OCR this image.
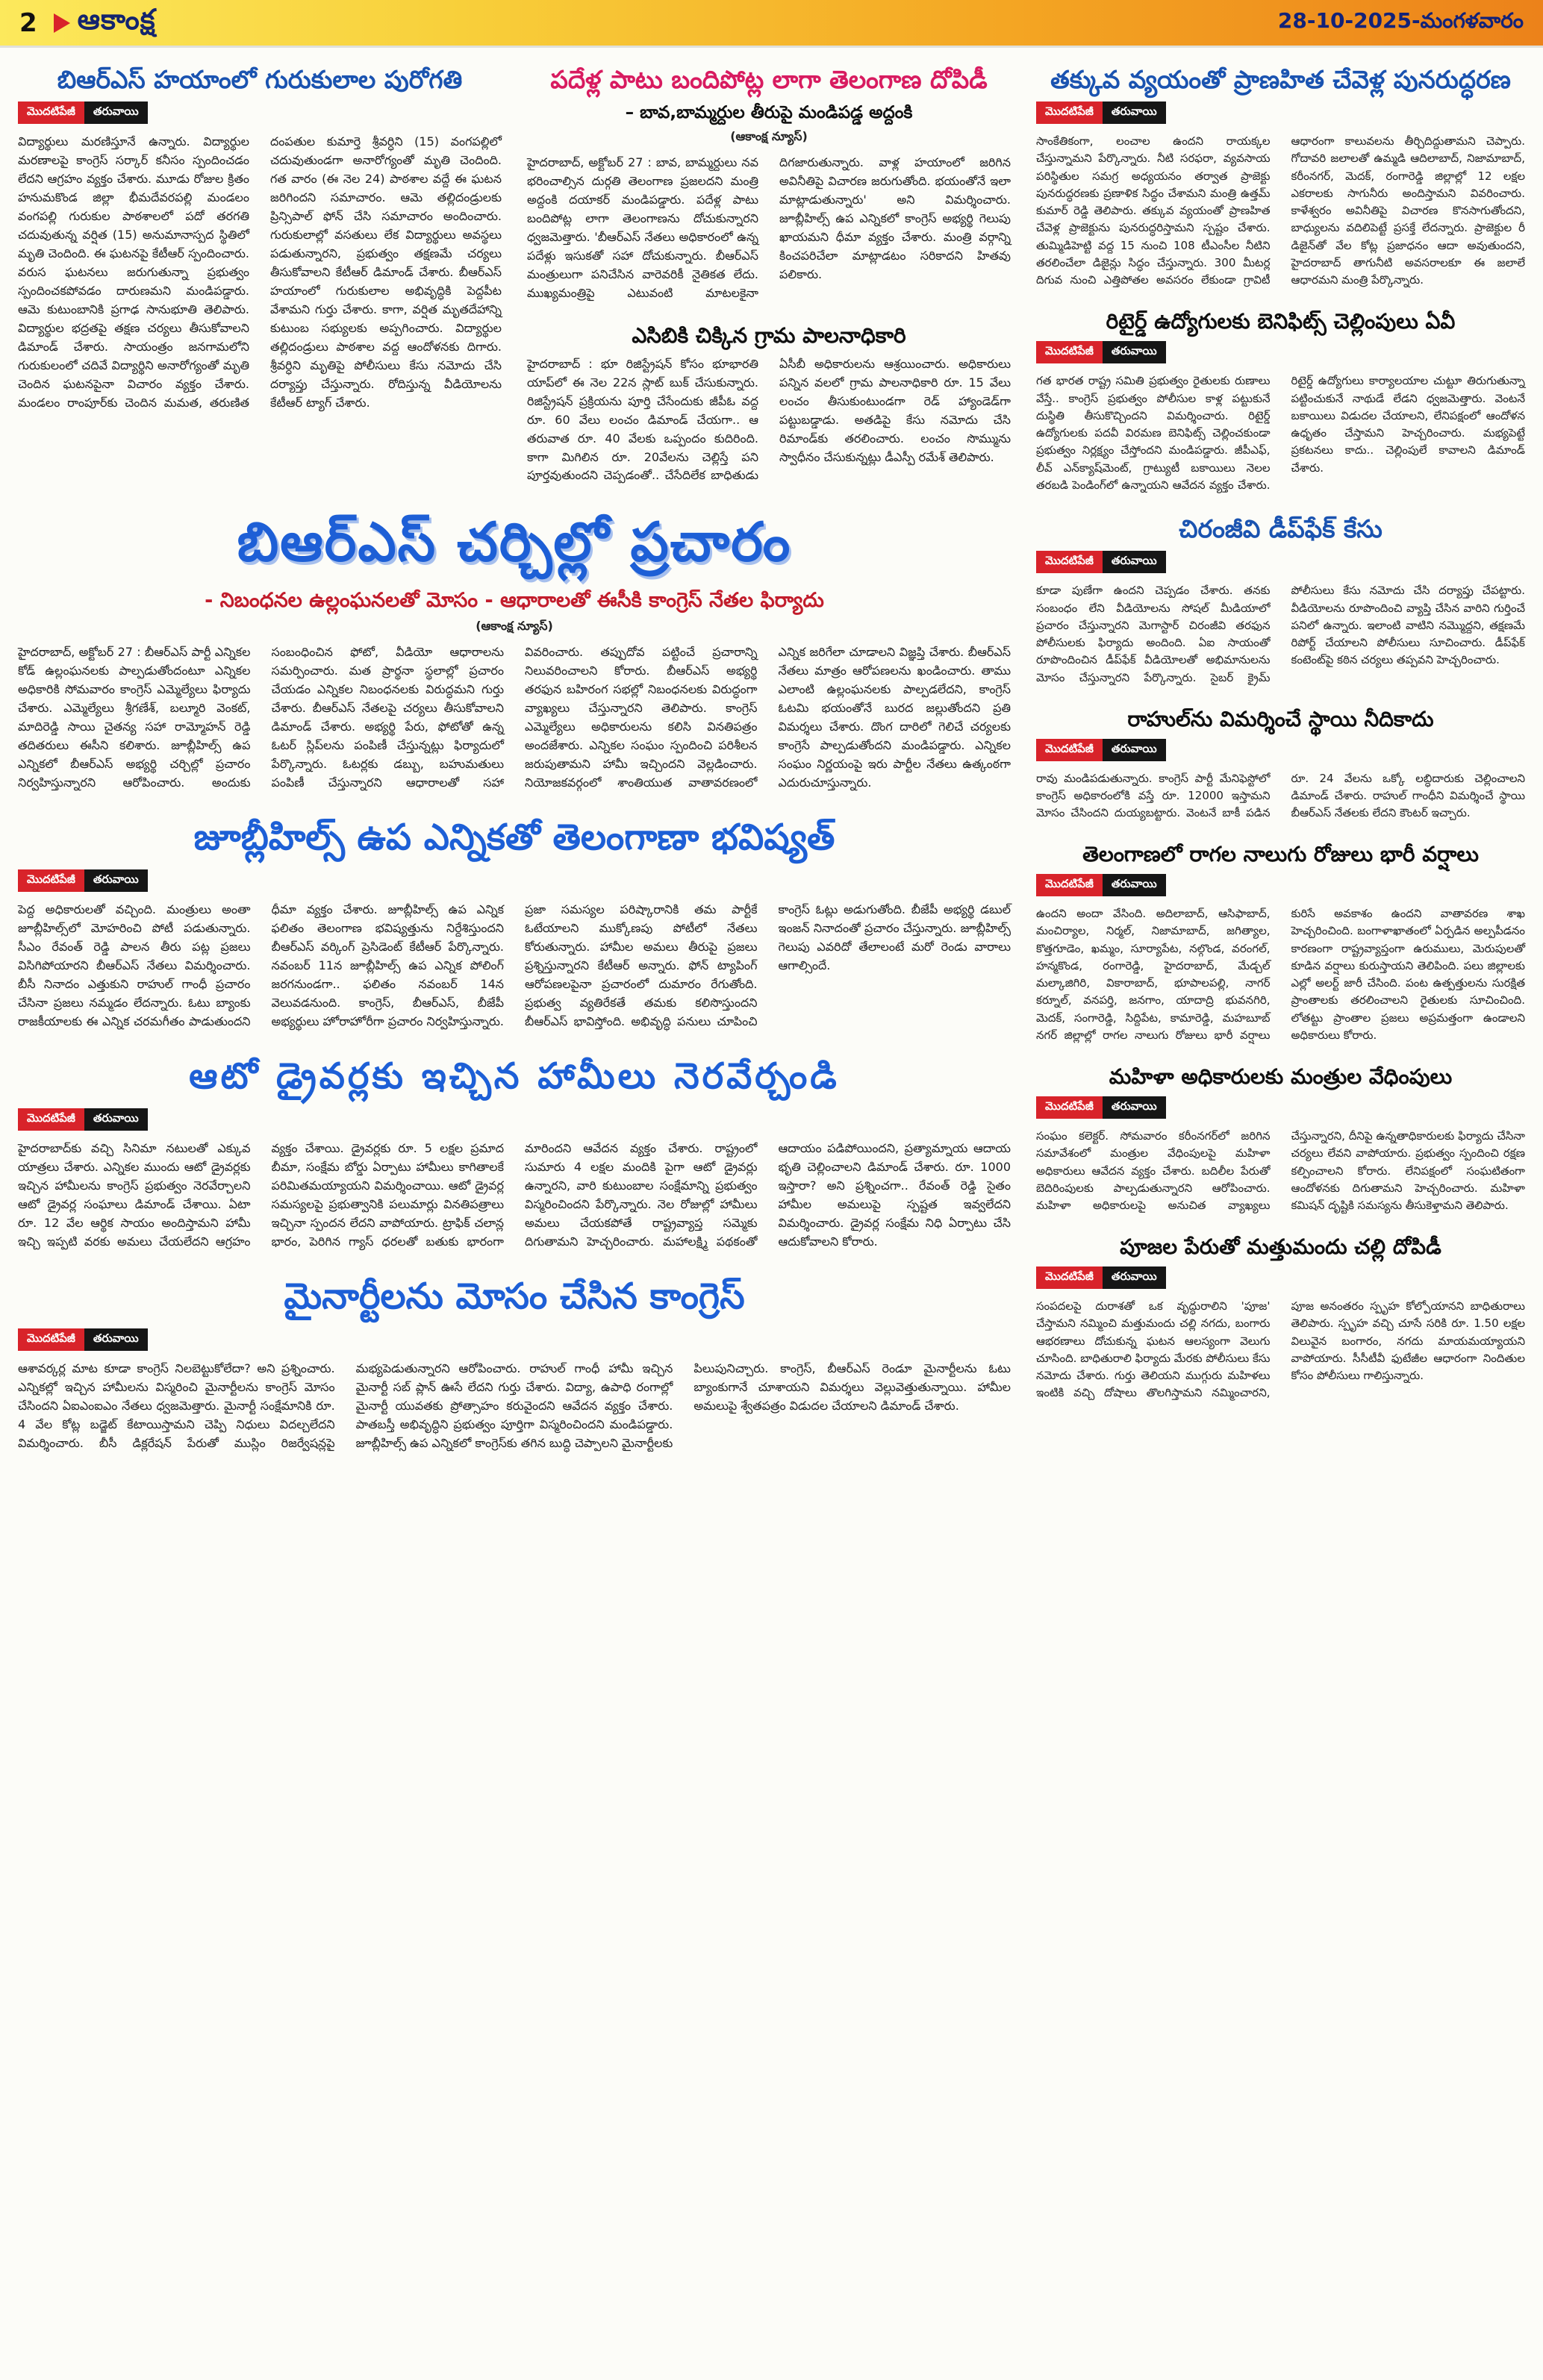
2 ఆకాంక్ష	28-10-2025-మంగళవారం
బిఆర్ఎస్ హయాంలో గురుకులాల పురోగతి
మొదటిపేజీ	తరువాయి
విద్యార్థులు మరణిస్తూనే ఉన్నారు. విద్యార్థుల మరణాలపై కాంగ్రెస్ సర్కార్ కనీసం స్పందించడం లేదని ఆగ్రహం వ్యక్తం చేశారు. మూడు రోజుల క్రితం హనుమకొండ జిల్లా భీమదేవరపల్లి మండలం వంగపల్లి గురుకుల పాఠశాలలో పదో తరగతి చదువుతున్న వర్షిత (15) అనుమానాస్పద స్థితిలో మృతి చెందింది. ఈ ఘటనపై కేటీఆర్ స్పందించారు. వరుస ఘటనలు జరుగుతున్నా ప్రభుత్వం స్పందించకపోవడం దారుణమని మండిపడ్డారు. ఆమె కుటుంబానికి ప్రగాఢ సానుభూతి తెలిపారు. విద్యార్థుల భద్రతపై తక్షణ చర్యలు తీసుకోవాలని డిమాండ్ చేశారు. సాయంత్రం జనగామలోని గురుకులంలో చదివే విద్యార్థిని అనారోగ్యంతో మృతి చెందిన ఘటనపైనా విచారం వ్యక్తం చేశారు. మండలం రాంపూర్‌కు చెందిన మమత, తరుణిత దంపతుల కుమార్తె శ్రీవర్ధిని (15) వంగపల్లిలో చదువుతుండగా అనారోగ్యంతో మృతి చెందింది. గత వారం (ఈ నెల 24) పాఠశాల వద్దే ఈ ఘటన జరిగిందని సమాచారం. ఆమె తల్లిదండ్రులకు ప్రిన్సిపాల్ ఫోన్ చేసి సమాచారం అందించారు. గురుకులాల్లో వసతులు లేక విద్యార్థులు అవస్థలు పడుతున్నారని, ప్రభుత్వం తక్షణమే చర్యలు తీసుకోవాలని కేటీఆర్ డిమాండ్ చేశారు. బీఆర్ఎస్ హయాంలో గురుకులాల అభివృద్ధికి పెద్దపీట వేశామని గుర్తు చేశారు. కాగా, వర్షిత మృతదేహాన్ని కుటుంబ సభ్యులకు అప్పగించారు. విద్యార్థుల తల్లిదండ్రులు పాఠశాల వద్ద ఆందోళనకు దిగారు. శ్రీవర్ధిని మృతిపై పోలీసులు కేసు నమోదు చేసి దర్యాప్తు చేస్తున్నారు. రోదిస్తున్న వీడియోలను కేటీఆర్ ట్యాగ్ చేశారు.
పదేళ్ల పాటు బందిపోట్ల లాగా తెలంగాణ దోపిడీ
– బావ,బామ్మర్దుల తీరుపై మండిపడ్డ అద్దంకి
(ఆకాంక్ష న్యూస్)
హైదరాబాద్, అక్టోబర్ 27 : బావ, బామ్మర్దులు నవ భరించాల్సిన దుర్గతి తెలంగాణ ప్రజలదని మంత్రి అద్దంకి దయాకర్ మండిపడ్డారు. పదేళ్ల పాటు బందిపోట్ల లాగా తెలంగాణను దోచుకున్నారని ధ్వజమెత్తారు. 'బీఆర్ఎస్ నేతలు అధికారంలో ఉన్న పదేళ్లు ఇసుకతో సహా దోచుకున్నారు. బీఆర్ఎస్ మంత్రులుగా పనిచేసిన వారెవరికీ నైతికత లేదు. ముఖ్యమంత్రిపై ఎటువంటి మాటలకైనా దిగజారుతున్నారు. వాళ్ల హయాంలో జరిగిన అవినీతిపై విచారణ జరుగుతోంది. భయంతోనే ఇలా మాట్లాడుతున్నారు' అని విమర్శించారు. జూబ్లీహిల్స్ ఉప ఎన్నికలో కాంగ్రెస్ అభ్యర్థి గెలుపు ఖాయమని ధీమా వ్యక్తం చేశారు. మంత్రి వర్గాన్ని కించపరిచేలా మాట్లాడటం సరికాదని హితవు పలికారు.
ఎసిబికి చిక్కిన గ్రామ పాలనాధికారి
హైదరాబాద్ : భూ రిజిస్ట్రేషన్ కోసం భూభారతి యాప్‌లో ఈ నెల 22న స్లాట్ బుక్ చేసుకున్నారు. రిజిస్ట్రేషన్ ప్రక్రియను పూర్తి చేసేందుకు జీపీఓ వద్ద రూ. 60 వేలు లంచం డిమాండ్ చేయగా.. ఆ తరువాత రూ. 40 వేలకు ఒప్పందం కుదిరింది. కాగా మిగిలిన రూ. 20వేలను చెల్లిస్తే పని పూర్తవుతుందని చెప్పడంతో.. చేసేదిలేక బాధితుడు ఏసీబీ అధికారులను ఆశ్రయించారు. అధికారులు పన్నిన వలలో గ్రామ పాలనాధికారి రూ. 15 వేలు లంచం తీసుకుంటుండగా రెడ్ హ్యాండెడ్‌గా పట్టుబడ్డాడు. అతడిపై కేసు నమోదు చేసి రిమాండ్‌కు తరలించారు. లంచం సొమ్మును స్వాధీనం చేసుకున్నట్లు డీఎస్పీ రమేశ్ తెలిపారు.
బిఆర్ఎస్ చర్చిల్లో ప్రచారం
- నిబంధనల ఉల్లంఘనలతో మోసం - ఆధారాలతో ఈసీకి కాంగ్రెస్ నేతల ఫిర్యాదు
(ఆకాంక్ష న్యూస్)
హైదరాబాద్, అక్టోబర్ 27 : బీఆర్ఎస్ పార్టీ ఎన్నికల కోడ్ ఉల్లంఘనలకు పాల్పడుతోందంటూ ఎన్నికల అధికారికి సోమవారం కాంగ్రెస్ ఎమ్మెల్యేలు ఫిర్యాదు చేశారు. ఎమ్మెల్యేలు శ్రీగణేశ్, బల్మూరి వెంకట్, మాదిరెడ్డి సాయి చైతన్య సహా రామ్మోహన్ రెడ్డి తదితరులు ఈసీని కలిశారు. జూబ్లీహిల్స్ ఉప ఎన్నికలో బీఆర్ఎస్ అభ్యర్థి చర్చిల్లో ప్రచారం నిర్వహిస్తున్నారని ఆరోపించారు. అందుకు సంబంధించిన ఫోటో, వీడియో ఆధారాలను సమర్పించారు. మత ప్రార్థనా స్థలాల్లో ప్రచారం చేయడం ఎన్నికల నిబంధనలకు విరుద్ధమని గుర్తు చేశారు. బీఆర్ఎస్ నేతలపై చర్యలు తీసుకోవాలని డిమాండ్ చేశారు. అభ్యర్థి పేరు, ఫోటోతో ఉన్న ఓటర్ స్లిప్‌లను పంపిణీ చేస్తున్నట్లు ఫిర్యాదులో పేర్కొన్నారు. ఓటర్లకు డబ్బు, బహుమతులు పంపిణీ చేస్తున్నారని ఆధారాలతో సహా వివరించారు. తప్పుదోవ పట్టించే ప్రచారాన్ని నిలువరించాలని కోరారు. బీఆర్ఎస్ అభ్యర్థి తరఫున బహిరంగ సభల్లో నిబంధనలకు విరుద్ధంగా వ్యాఖ్యలు చేస్తున్నారని తెలిపారు. కాంగ్రెస్ ఎమ్మెల్యేలు అధికారులను కలిసి వినతిపత్రం అందజేశారు. ఎన్నికల సంఘం స్పందించి పరిశీలన జరుపుతామని హామీ ఇచ్చిందని వెల్లడించారు. నియోజకవర్గంలో శాంతియుత వాతావరణంలో ఎన్నిక జరిగేలా చూడాలని విజ్ఞప్తి చేశారు. బీఆర్ఎస్ నేతలు మాత్రం ఆరోపణలను ఖండించారు. తాము ఎలాంటి ఉల్లంఘనలకు పాల్పడలేదని, కాంగ్రెస్ ఓటమి భయంతోనే బురద జల్లుతోందని ప్రతి విమర్శలు చేశారు. దొంగ దారిలో గెలిచే చర్యలకు కాంగ్రెసే పాల్పడుతోందని మండిపడ్డారు. ఎన్నికల సంఘం నిర్ణయంపై ఇరు పార్టీల నేతలు ఉత్కంఠగా ఎదురుచూస్తున్నారు.
జూబ్లీహిల్స్ ఉప ఎన్నికతో తెలంగాణా భవిష్యత్
మొదటిపేజీ	తరువాయి
పెద్ద అధికారులతో వచ్చింది. మంత్రులు అంతా జూబ్లీహిల్స్‌లో మోహరించి పోటీ పడుతున్నారు. సీఎం రేవంత్ రెడ్డి పాలన తీరు పట్ల ప్రజలు విసిగిపోయారని బీఆర్ఎస్ నేతలు విమర్శించారు. బీసీ నినాదం ఎత్తుకుని రాహుల్ గాంధీ ప్రచారం చేసినా ప్రజలు నమ్మడం లేదన్నారు. ఓటు బ్యాంకు రాజకీయాలకు ఈ ఎన్నిక చరమగీతం పాడుతుందని ధీమా వ్యక్తం చేశారు. జూబ్లీహిల్స్ ఉప ఎన్నిక ఫలితం తెలంగాణ భవిష్యత్తును నిర్దేశిస్తుందని బీఆర్ఎస్ వర్కింగ్ ప్రెసిడెంట్ కేటీఆర్ పేర్కొన్నారు. నవంబర్ 11న జూబ్లీహిల్స్ ఉప ఎన్నిక పోలింగ్ జరగనుండగా.. ఫలితం నవంబర్ 14న వెలువడనుంది. కాంగ్రెస్, బీఆర్ఎస్, బీజేపీ అభ్యర్థులు హోరాహోరీగా ప్రచారం నిర్వహిస్తున్నారు. ప్రజా సమస్యల పరిష్కారానికి తమ పార్టీకే ఓటేయాలని ముక్కోణపు పోటీలో నేతలు కోరుతున్నారు. హామీల అమలు తీరుపై ప్రజలు ప్రశ్నిస్తున్నారని కేటీఆర్ అన్నారు. ఫోన్ ట్యాపింగ్ ఆరోపణలపైనా ప్రచారంలో దుమారం రేగుతోంది. ప్రభుత్వ వ్యతిరేకతే తమకు కలిసొస్తుందని బీఆర్ఎస్ భావిస్తోంది. అభివృద్ధి పనులు చూపించి కాంగ్రెస్ ఓట్లు అడుగుతోంది. బీజేపీ అభ్యర్థి డబుల్ ఇంజన్ నినాదంతో ప్రచారం చేస్తున్నారు. జూబ్లీహిల్స్ గెలుపు ఎవరిదో తేలాలంటే మరో రెండు వారాలు ఆగాల్సిందే.
ఆటో డ్రైవర్లకు ఇచ్చిన హామీలు నెరవేర్చండి
మొదటిపేజీ	తరువాయి
హైదరాబాద్‌కు వచ్చి సినిమా నటులతో ఎక్కువ యాత్రలు చేశారు. ఎన్నికల ముందు ఆటో డ్రైవర్లకు ఇచ్చిన హామీలను కాంగ్రెస్ ప్రభుత్వం నెరవేర్చాలని ఆటో డ్రైవర్ల సంఘాలు డిమాండ్ చేశాయి. ఏటా రూ. 12 వేల ఆర్థిక సాయం అందిస్తామని హామీ ఇచ్చి ఇప్పటి వరకు అమలు చేయలేదని ఆగ్రహం వ్యక్తం చేశాయి. డ్రైవర్లకు రూ. 5 లక్షల ప్రమాద బీమా, సంక్షేమ బోర్డు ఏర్పాటు హామీలు కాగితాలకే పరిమితమయ్యాయని విమర్శించాయి. ఆటో డ్రైవర్ల సమస్యలపై ప్రభుత్వానికి పలుమార్లు వినతిపత్రాలు ఇచ్చినా స్పందన లేదని వాపోయారు. ట్రాఫిక్ చలాన్ల భారం, పెరిగిన గ్యాస్ ధరలతో బతుకు భారంగా మారిందని ఆవేదన వ్యక్తం చేశారు. రాష్ట్రంలో సుమారు 4 లక్షల మందికి పైగా ఆటో డ్రైవర్లు ఉన్నారని, వారి కుటుంబాల సంక్షేమాన్ని ప్రభుత్వం విస్మరించిందని పేర్కొన్నారు. నెల రోజుల్లో హామీలు అమలు చేయకపోతే రాష్ట్రవ్యాప్త సమ్మెకు దిగుతామని హెచ్చరించారు. మహాలక్ష్మి పథకంతో ఆదాయం పడిపోయిందని, ప్రత్యామ్నాయ ఆదాయ భృతి చెల్లించాలని డిమాండ్ చేశారు. రూ. 1000 ఇస్తారా? అని ప్రశ్నించగా.. రేవంత్ రెడ్డి సైతం హామీల అమలుపై స్పష్టత ఇవ్వలేదని విమర్శించారు. డ్రైవర్ల సంక్షేమ నిధి ఏర్పాటు చేసి ఆదుకోవాలని కోరారు.
మైనార్టీలను మోసం చేసిన కాంగ్రెస్
మొదటిపేజీ	తరువాయి
ఆశావర్కర్ల మాట కూడా కాంగ్రెస్ నిలబెట్టుకోలేదా? అని ప్రశ్నించారు. ఎన్నికల్లో ఇచ్చిన హామీలను విస్మరించి మైనార్టీలను కాంగ్రెస్ మోసం చేసిందని ఏఐఎంఐఎం నేతలు ధ్వజమెత్తారు. మైనార్టీ సంక్షేమానికి రూ. 4 వేల కోట్ల బడ్జెట్ కేటాయిస్తామని చెప్పి నిధులు విదల్చలేదని విమర్శించారు. బీసీ డిక్లరేషన్ పేరుతో ముస్లిం రిజర్వేషన్లపై మభ్యపెడుతున్నారని ఆరోపించారు. రాహుల్ గాంధీ హామీ ఇచ్చిన మైనార్టీ సబ్ ప్లాన్ ఊసే లేదని గుర్తు చేశారు. విద్యా, ఉపాధి రంగాల్లో మైనార్టీ యువతకు ప్రోత్సాహం కరువైందని ఆవేదన వ్యక్తం చేశారు. పాతబస్తీ అభివృద్ధిని ప్రభుత్వం పూర్తిగా విస్మరించిందని మండిపడ్డారు. జూబ్లీహిల్స్ ఉప ఎన్నికలో కాంగ్రెస్‌కు తగిన బుద్ధి చెప్పాలని మైనార్టీలకు పిలుపునిచ్చారు. కాంగ్రెస్, బీఆర్ఎస్ రెండూ మైనార్టీలను ఓటు బ్యాంకుగానే చూశాయని విమర్శలు వెల్లువెత్తుతున్నాయి. హామీల అమలుపై శ్వేతపత్రం విడుదల చేయాలని డిమాండ్ చేశారు.
తక్కువ వ్యయంతో ప్రాణహిత చేవెళ్ల పునరుద్ధరణ
మొదటిపేజీ	తరువాయి
సాంకేతికంగా, లంచాల ఉందని రాయక్కల చేస్తున్నామని పేర్కొన్నారు. నీటి సరఫరా, వ్యవసాయ పరిస్థితుల సమగ్ర అధ్యయనం తర్వాత ప్రాజెక్టు పునరుద్ధరణకు ప్రణాళిక సిద్ధం చేశామని మంత్రి ఉత్తమ్ కుమార్ రెడ్డి తెలిపారు. తక్కువ వ్యయంతో ప్రాణహిత చేవెళ్ల ప్రాజెక్టును పునరుద్ధరిస్తామని స్పష్టం చేశారు. తుమ్మిడిహెట్టి వద్ద 15 నుంచి 108 టీఎంసీల నీటిని తరలించేలా డిజైన్లు సిద్ధం చేస్తున్నారు. 300 మీటర్ల దిగువ నుంచి ఎత్తిపోతల అవసరం లేకుండా గ్రావిటీ ఆధారంగా కాలువలను తీర్చిదిద్దుతామని చెప్పారు. గోదావరి జలాలతో ఉమ్మడి ఆదిలాబాద్, నిజామాబాద్, కరీంనగర్, మెదక్, రంగారెడ్డి జిల్లాల్లో 12 లక్షల ఎకరాలకు సాగునీరు అందిస్తామని వివరించారు. కాళేశ్వరం అవినీతిపై విచారణ కొనసాగుతోందని, బాధ్యులను వదిలిపెట్టే ప్రసక్తే లేదన్నారు. ప్రాజెక్టుల రీ డిజైన్‌తో వేల కోట్ల ప్రజాధనం ఆదా అవుతుందని, హైదరాబాద్ తాగునీటి అవసరాలకూ ఈ జలాలే ఆధారమని మంత్రి పేర్కొన్నారు.
రిటైర్డ్ ఉద్యోగులకు బెనిఫిట్స్ చెల్లింపులు ఏవీ
మొదటిపేజీ	తరువాయి
గత భారత రాష్ట్ర సమితి ప్రభుత్వం రైతులకు రుణాలు వేస్తే.. కాంగ్రెస్ ప్రభుత్వం పోలీసుల కాళ్ల పట్టుకునే దుస్థితి తీసుకొచ్చిందని విమర్శించారు. రిటైర్డ్ ఉద్యోగులకు పదవీ విరమణ బెనిఫిట్స్ చెల్లించకుండా ప్రభుత్వం నిర్లక్ష్యం చేస్తోందని మండిపడ్డారు. జీపీఎఫ్, లీవ్ ఎన్‌క్యాష్‌మెంట్, గ్రాట్యుటీ బకాయిలు నెలల తరబడి పెండింగ్‌లో ఉన్నాయని ఆవేదన వ్యక్తం చేశారు. రిటైర్డ్ ఉద్యోగులు కార్యాలయాల చుట్టూ తిరుగుతున్నా పట్టించుకునే నాథుడే లేడని ధ్వజమెత్తారు. వెంటనే బకాయిలు విడుదల చేయాలని, లేనిపక్షంలో ఆందోళన ఉధృతం చేస్తామని హెచ్చరించారు. మభ్యపెట్టే ప్రకటనలు కాదు.. చెల్లింపులే కావాలని డిమాండ్ చేశారు.
చిరంజీవి డీప్‌ఫేక్ కేసు
మొదటిపేజీ	తరువాయి
కూడా పుణేగా ఉందని చెప్పడం చేశారు. తనకు సంబంధం లేని వీడియోలను సోషల్ మీడియాలో ప్రచారం చేస్తున్నారని మెగాస్టార్ చిరంజీవి తరఫున పోలీసులకు ఫిర్యాదు అందింది. ఏఐ సాయంతో రూపొందించిన డీప్‌ఫేక్ వీడియోలతో అభిమానులను మోసం చేస్తున్నారని పేర్కొన్నారు. సైబర్ క్రైమ్ పోలీసులు కేసు నమోదు చేసి దర్యాప్తు చేపట్టారు. వీడియోలను రూపొందించి వ్యాప్తి చేసిన వారిని గుర్తించే పనిలో ఉన్నారు. ఇలాంటి వాటిని నమ్మొద్దని, తక్షణమే రిపోర్ట్ చేయాలని పోలీసులు సూచించారు. డీప్‌ఫేక్ కంటెంట్‌పై కఠిన చర్యలు తప్పవని హెచ్చరించారు.
రాహుల్‌ను విమర్శించే స్థాయి నీదికాదు
మొదటిపేజీ	తరువాయి
రావు మండిపడుతున్నారు. కాంగ్రెస్ పార్టీ మేనిఫెస్టోలో కాంగ్రెస్ అధికారంలోకి వస్తే రూ. 12000 ఇస్తామని మోసం చేసిందని దుయ్యబట్టారు. వెంటనే బాకీ పడిన రూ. 24 వేలను ఒక్కో లబ్ధిదారుకు చెల్లించాలని డిమాండ్ చేశారు. రాహుల్ గాంధీని విమర్శించే స్థాయి బీఆర్ఎస్ నేతలకు లేదని కౌంటర్ ఇచ్చారు.
తెలంగాణలో రాగల నాలుగు రోజులు భారీ వర్షాలు
మొదటిపేజీ	తరువాయి
ఉందని అందా వేసింది. అదిలాబాద్, ఆసిఫాబాద్, మంచిర్యాల, నిర్మల్, నిజామాబాద్, జగిత్యాల, కొత్తగూడెం, ఖమ్మం, సూర్యాపేట, నల్గొండ, వరంగల్, హన్మకొండ, రంగారెడ్డి, హైదరాబాద్, మేడ్చల్ మల్కాజిగిరి, వికారాబాద్, భూపాలపల్లి, నాగర్ కర్నూల్, వనపర్తి, జనగాం, యాదాద్రి భువనగిరి, మెదక్, సంగారెడ్డి, సిద్దిపేట, కామారెడ్డి, మహబూబ్ నగర్ జిల్లాల్లో రాగల నాలుగు రోజులు భారీ వర్షాలు కురిసే అవకాశం ఉందని వాతావరణ శాఖ హెచ్చరించింది. బంగాళాఖాతంలో ఏర్పడిన అల్పపీడనం కారణంగా రాష్ట్రవ్యాప్తంగా ఉరుములు, మెరుపులతో కూడిన వర్షాలు కురుస్తాయని తెలిపింది. పలు జిల్లాలకు ఎల్లో అలర్ట్ జారీ చేసింది. పంట ఉత్పత్తులను సురక్షిత ప్రాంతాలకు తరలించాలని రైతులకు సూచించింది. లోతట్టు ప్రాంతాల ప్రజలు అప్రమత్తంగా ఉండాలని అధికారులు కోరారు.
మహిళా అధికారులకు మంత్రుల వేధింపులు
మొదటిపేజీ	తరువాయి
సంఘం కలెక్టర్. సోమవారం కరీంనగర్‌లో జరిగిన సమావేశంలో మంత్రుల వేధింపులపై మహిళా అధికారులు ఆవేదన వ్యక్తం చేశారు. బదిలీల పేరుతో బెదిరింపులకు పాల్పడుతున్నారని ఆరోపించారు. మహిళా అధికారులపై అనుచిత వ్యాఖ్యలు చేస్తున్నారని, దీనిపై ఉన్నతాధికారులకు ఫిర్యాదు చేసినా చర్యలు లేవని వాపోయారు. ప్రభుత్వం స్పందించి రక్షణ కల్పించాలని కోరారు. లేనిపక్షంలో సంఘటితంగా ఆందోళనకు దిగుతామని హెచ్చరించారు. మహిళా కమిషన్ దృష్టికి సమస్యను తీసుకెళ్తామని తెలిపారు.
పూజల పేరుతో మత్తుమందు చల్లి దోపిడీ
మొదటిపేజీ	తరువాయి
సంపదలపై దురాశతో ఒక వృద్ధురాలిని 'పూజ' చేస్తామని నమ్మించి మత్తుమందు చల్లి నగదు, బంగారు ఆభరణాలు దోచుకున్న ఘటన ఆలస్యంగా వెలుగు చూసింది. బాధితురాలి ఫిర్యాదు మేరకు పోలీసులు కేసు నమోదు చేశారు. గుర్తు తెలియని ముగ్గురు మహిళలు ఇంటికి వచ్చి దోషాలు తొలగిస్తామని నమ్మించారని, పూజ అనంతరం స్పృహ కోల్పోయానని బాధితురాలు తెలిపారు. స్పృహ వచ్చి చూసే సరికి రూ. 1.50 లక్షల విలువైన బంగారం, నగదు మాయమయ్యాయని వాపోయారు. సీసీటీవీ ఫుటేజీల ఆధారంగా నిందితుల కోసం పోలీసులు గాలిస్తున్నారు.
